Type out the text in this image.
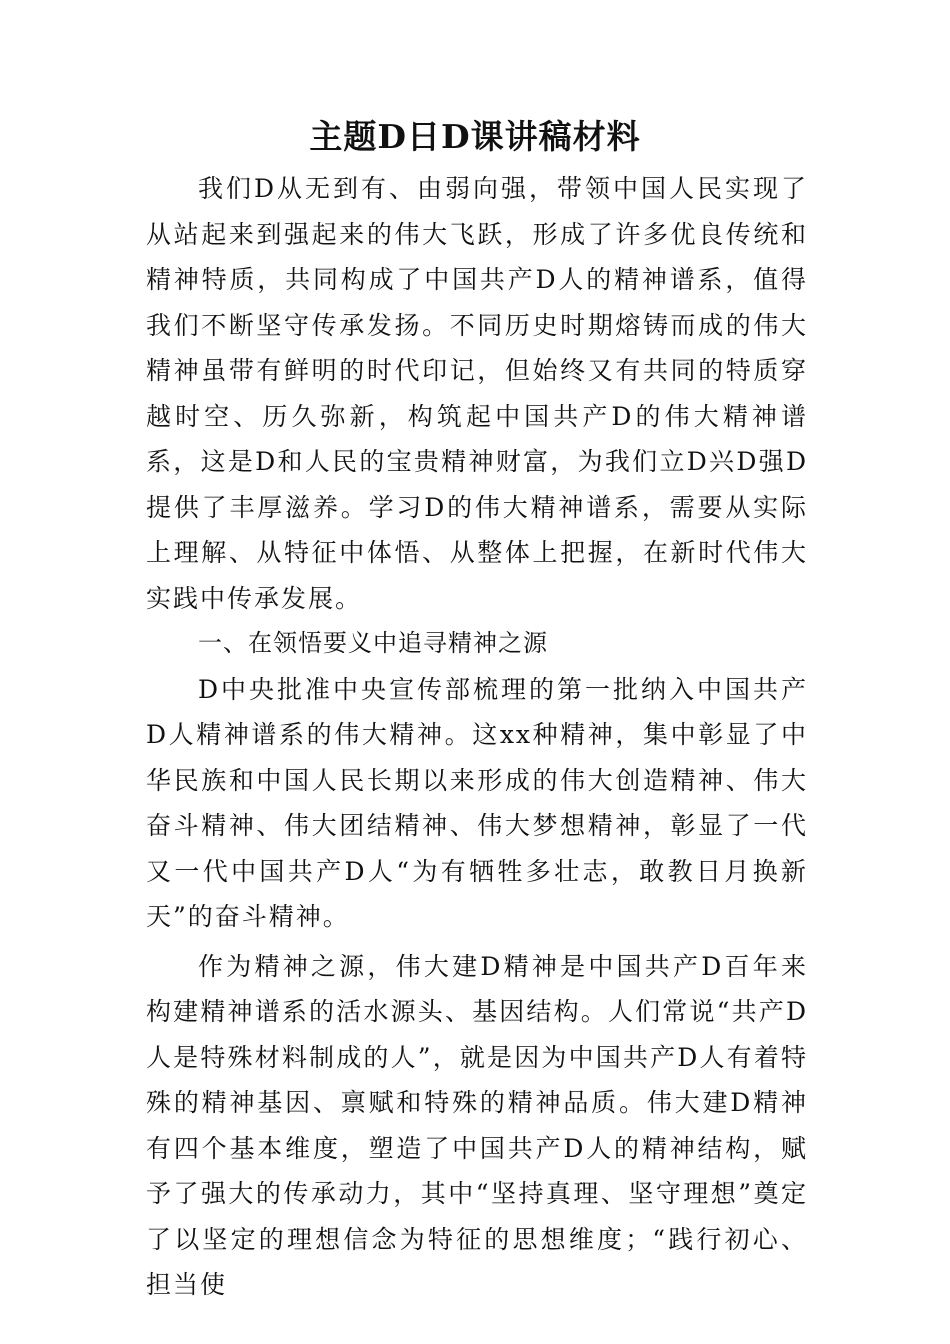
主题D日D课讲稿材料

我们D从无到有、由弱向强，带领中国人民实现了从站起来到强起来的伟大飞跃，形成了许多优良传统和精神特质，共同构成了中国共产D人的精神谱系，值得我们不断坚守传承发扬。不同历史时期熔铸而成的伟大精神虽带有鲜明的时代印记，但始终又有共同的特质穿越时空、历久弥新，构筑起中国共产D的伟大精神谱系，这是D和人民的宝贵精神财富，为我们立D兴D强D提供了丰厚滋养。学习D的伟大精神谱系，需要从实际上理解、从特征中体悟、从整体上把握，在新时代伟大实践中传承发展。

一、在领悟要义中追寻精神之源

D中央批准中央宣传部梳理的第一批纳入中国共产D人精神谱系的伟大精神。这xx种精神，集中彰显了中华民族和中国人民长期以来形成的伟大创造精神、伟大奋斗精神、伟大团结精神、伟大梦想精神，彰显了一代又一代中国共产D人“为有牺牲多壮志，敢教日月换新天”的奋斗精神。

作为精神之源，伟大建D精神是中国共产D百年来构建精神谱系的活水源头、基因结构。人们常说“共产D人是特殊材料制成的人”，就是因为中国共产D人有着特殊的精神基因、禀赋和特殊的精神品质。伟大建D精神有四个基本维度，塑造了中国共产D人的精神结构，赋予了强大的传承动力，其中“坚持真理、坚守理想”奠定了以坚定的理想信念为特征的思想维度；“践行初心、担当使
